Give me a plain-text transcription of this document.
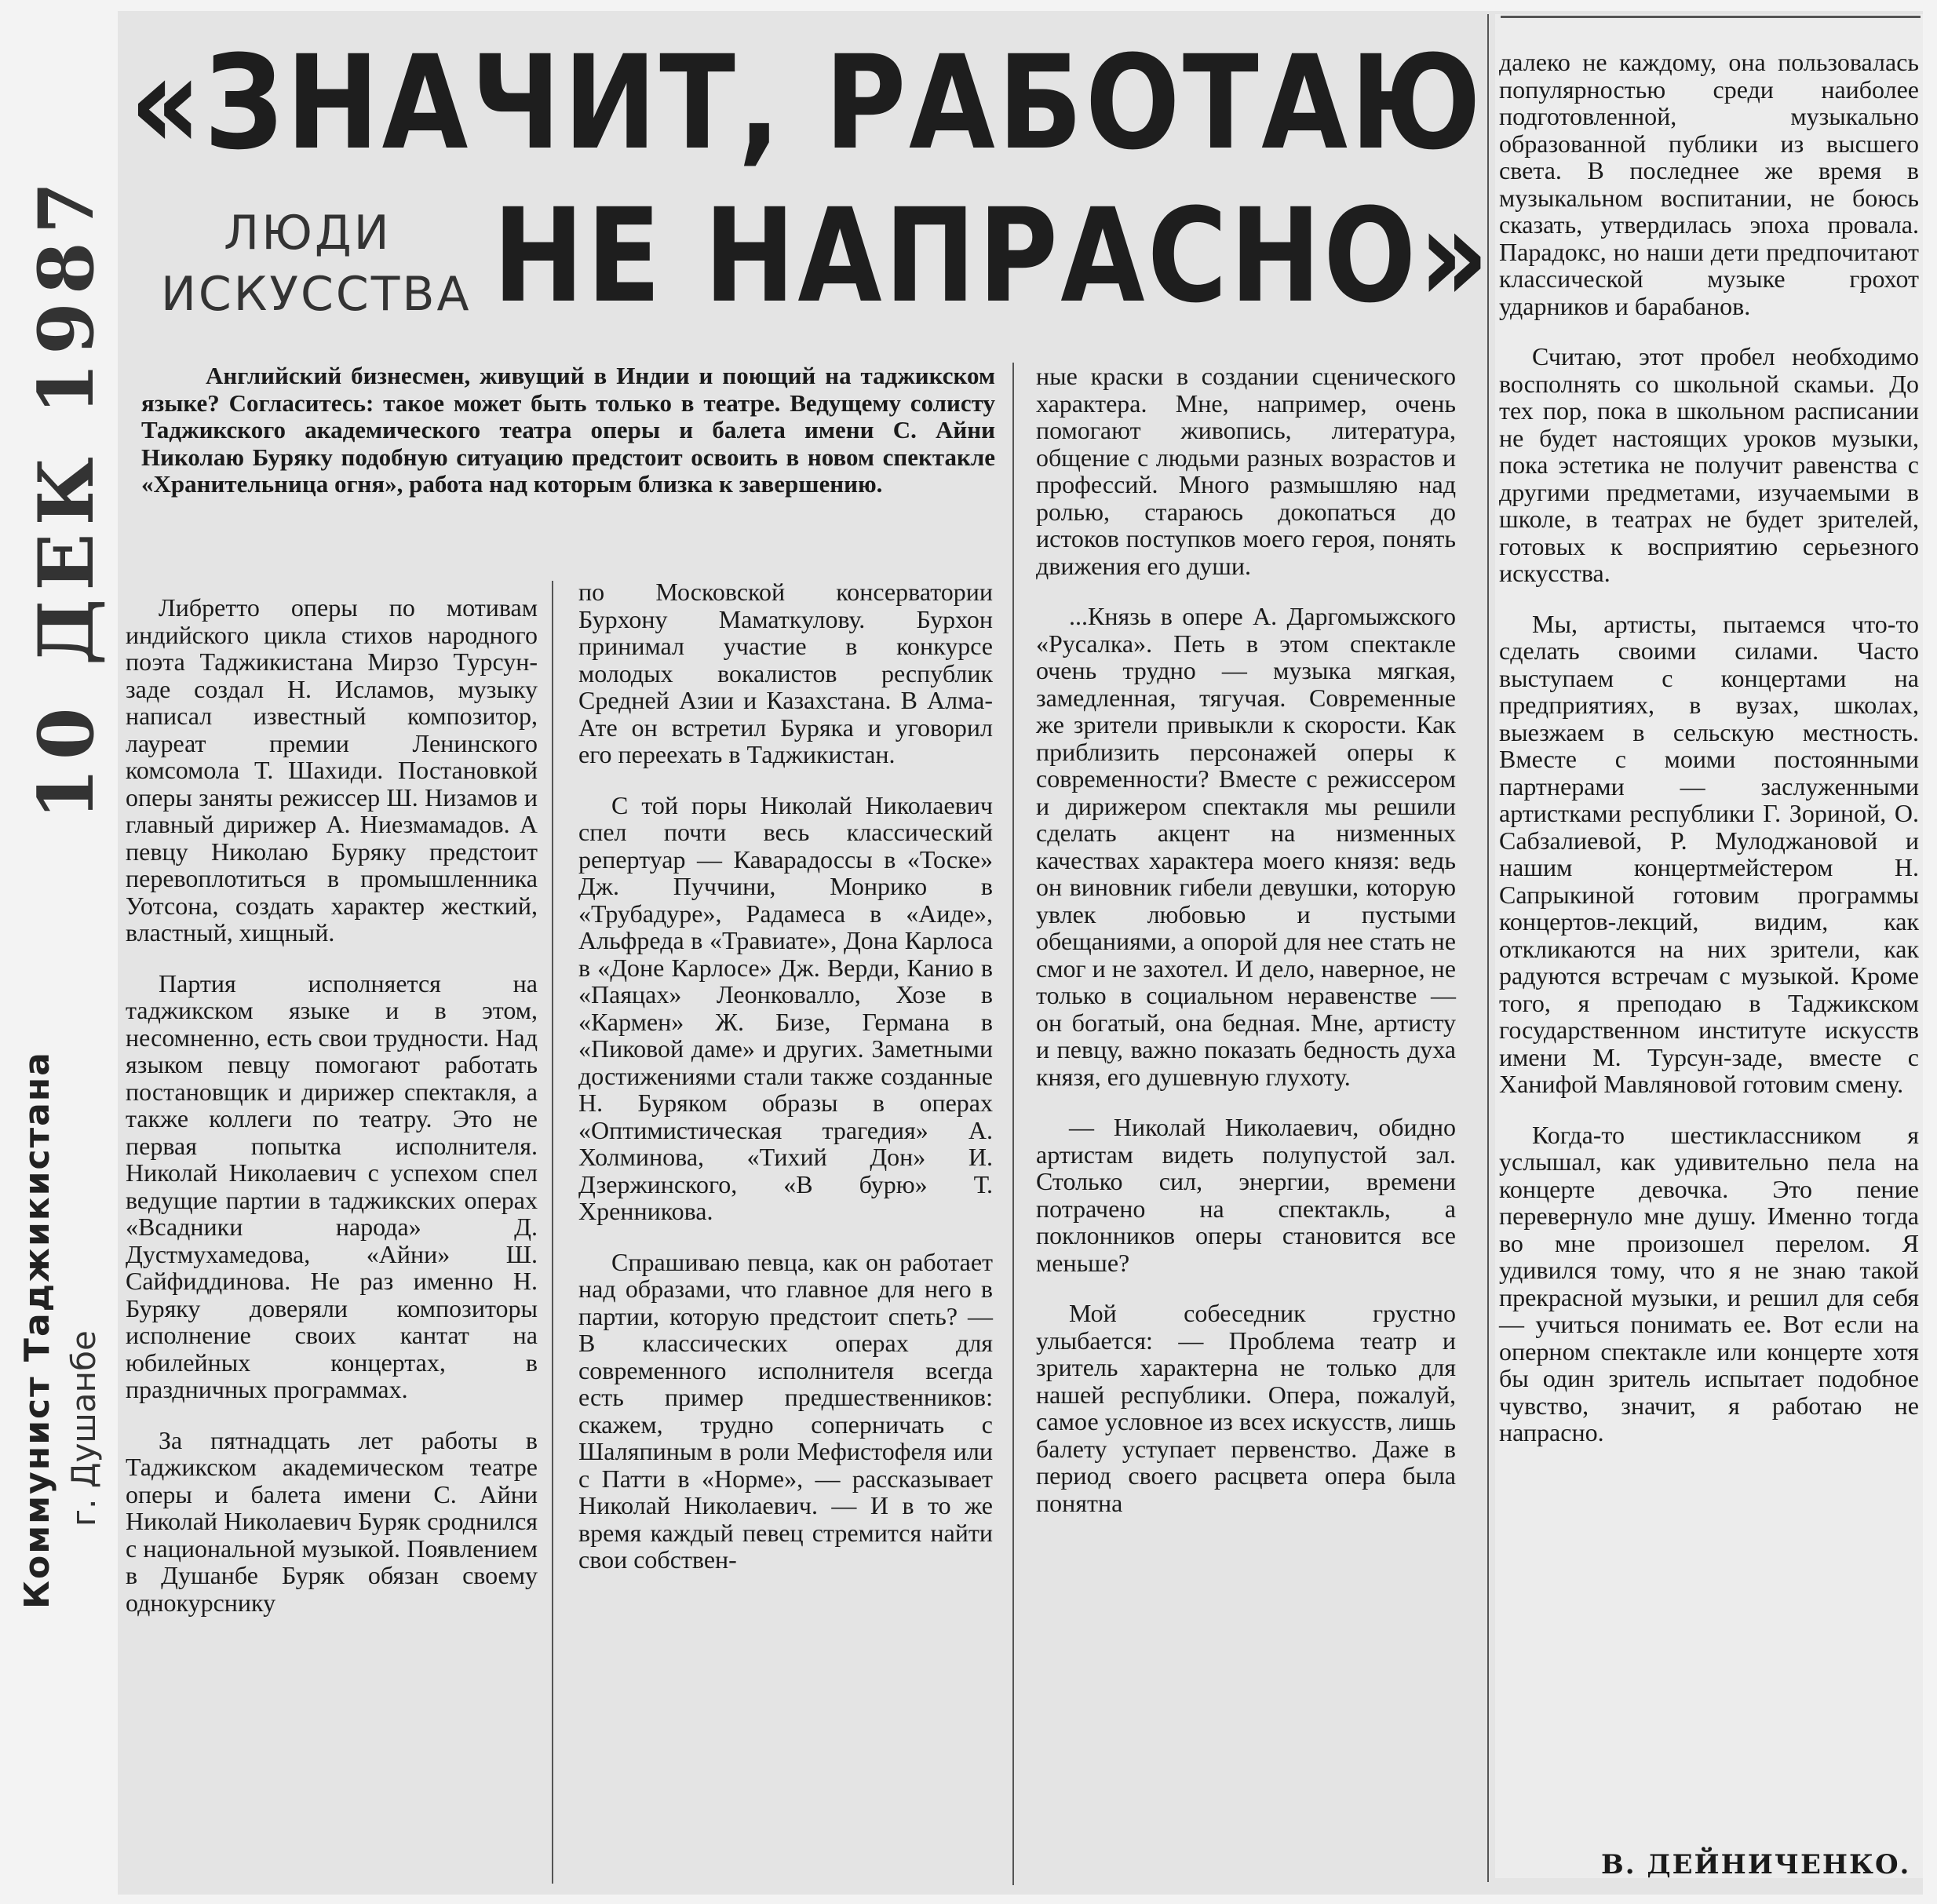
«ЗНАЧИТ, РАБОТАЮ
НЕ НАПРАСНО»
ЛЮДИ
ИСКУССТВА
10 ДЕК 1987
Коммунист Таджикистана г. Душанбе

Английский бизнесмен, живущий в Индии и поющий на таджикском языке? Согласитесь: такое может быть только в театре. Ведущему солисту Таджикского академического театра оперы и балета имени С. Айни Николаю Буряку подобную ситуацию предстоит освоить в новом спектакле «Хранительница огня», работа над которым близка к завершению.

Либретто оперы по мотивам индийского цикла стихов народного поэта Таджикистана Мирзо Турсун-заде создал Н. Исламов, музыку написал известный композитор, лауреат премии Ленинского комсомола Т. Шахиди. Постановкой оперы заняты режиссер Ш. Низамов и главный дирижер А. Ниезмамадов. А певцу Николаю Буряку предстоит перевоплотиться в промышленника Уотсона, создать характер жесткий, властный, хищный.

Партия исполняется на таджикском языке и в этом, несомненно, есть свои трудности. Над языком певцу помогают работать постановщик и дирижер спектакля, а также коллеги по театру. Это не первая попытка исполнителя. Николай Николаевич с успехом спел ведущие партии в таджикских операх «Всадники народа» Д. Дустмухамедова, «Айни» Ш. Сайфиддинова. Не раз именно Н. Буряку доверяли композиторы исполнение своих кантат на юбилейных концертах, в праздничных программах.

За пятнадцать лет работы в Таджикском академическом театре оперы и балета имени С. Айни Николай Николаевич Буряк сроднился с национальной музыкой. Появлением в Душанбе Буряк обязан своему однокурснику

по Московской консерватории Бурхону Маматкулову. Бурхон принимал участие в конкурсе молодых вокалистов республик Средней Азии и Казахстана. В Алма-Ате он встретил Буряка и уговорил его переехать в Таджикистан.

С той поры Николай Николаевич спел почти весь классический репертуар — Каварадоссы в «Тоске» Дж. Пуччини, Монрико в «Трубадуре», Радамеса в «Аиде», Альфреда в «Травиате», Дона Карлоса в «Доне Карлосе» Дж. Верди, Канио в «Паяцах» Леонковалло, Хозе в «Кармен» Ж. Бизе, Германа в «Пиковой даме» и других. Заметными достижениями стали также созданные Н. Буряком образы в операх «Оптимистическая трагедия» А. Холминова, «Тихий Дон» И. Дзержинского, «В бурю» Т. Хренникова.

Спрашиваю певца, как он работает над образами, что главное для него в партии, которую предстоит спеть? — В классических операх для современного исполнителя всегда есть пример предшественников: скажем, трудно соперничать с Шаляпиным в роли Мефистофеля или с Патти в «Норме», — рассказывает Николай Николаевич. — И в то же время каждый певец стремится найти свои собствен-

ные краски в создании сценического характера. Мне, например, очень помогают живопись, литература, общение с людьми разных возрастов и профессий. Много размышляю над ролью, стараюсь докопаться до истоков поступков моего героя, понять движения его души.

...Князь в опере А. Даргомыжского «Русалка». Петь в этом спектакле очень трудно — музыка мягкая, замедленная, тягучая. Современные же зрители привыкли к скорости. Как приблизить персонажей оперы к современности? Вместе с режиссером и дирижером спектакля мы решили сделать акцент на низменных качествах характера моего князя: ведь он виновник гибели девушки, которую увлек любовью и пустыми обещаниями, а опорой для нее стать не смог и не захотел. И дело, наверное, не только в социальном неравенстве — он богатый, она бедная. Мне, артисту и певцу, важно показать бедность духа князя, его душевную глухоту.

— Николай Николаевич, обидно артистам видеть полупустой зал. Столько сил, энергии, времени потрачено на спектакль, а поклонников оперы становится все меньше?

Мой собеседник грустно улыбается: — Проблема театр и зритель характерна не только для нашей республики. Опера, пожалуй, самое условное из всех искусств, лишь балету уступает первенство. Даже в период своего расцвета опера была понятна

далеко не каждому, она пользовалась популярностью среди наиболее подготовленной, музыкально образованной публики из высшего света. В последнее же время в музыкальном воспитании, не боюсь сказать, утвердилась эпоха провала. Парадокс, но наши дети предпочитают классической музыке грохот ударников и барабанов.

Считаю, этот пробел необходимо восполнять со школьной скамьи. До тех пор, пока в школьном расписании не будет настоящих уроков музыки, пока эстетика не получит равенства с другими предметами, изучаемыми в школе, в театрах не будет зрителей, готовых к восприятию серьезного искусства.

Мы, артисты, пытаемся что-то сделать своими силами. Часто выступаем с концертами на предприятиях, в вузах, школах, выезжаем в сельскую местность. Вместе с моими постоянными партнерами — заслуженными артистками республики Г. Зориной, О. Сабзалиевой, Р. Мулоджановой и нашим концертмейстером Н. Сапрыкиной готовим программы концертов-лекций, видим, как откликаются на них зрители, как радуются встречам с музыкой. Кроме того, я преподаю в Таджикском государственном институте искусств имени М. Турсун-заде, вместе с Ханифой Мавляновой готовим смену.

Когда-то шестиклассником я услышал, как удивительно пела на концерте девочка. Это пение перевернуло мне душу. Именно тогда во мне произошел перелом. Я удивился тому, что я не знаю такой прекрасной музыки, и решил для себя — учиться понимать ее. Вот если на оперном спектакле или концерте хотя бы один зритель испытает подобное чувство, значит, я работаю не напрасно.

В. ДЕЙНИЧЕНКО.
